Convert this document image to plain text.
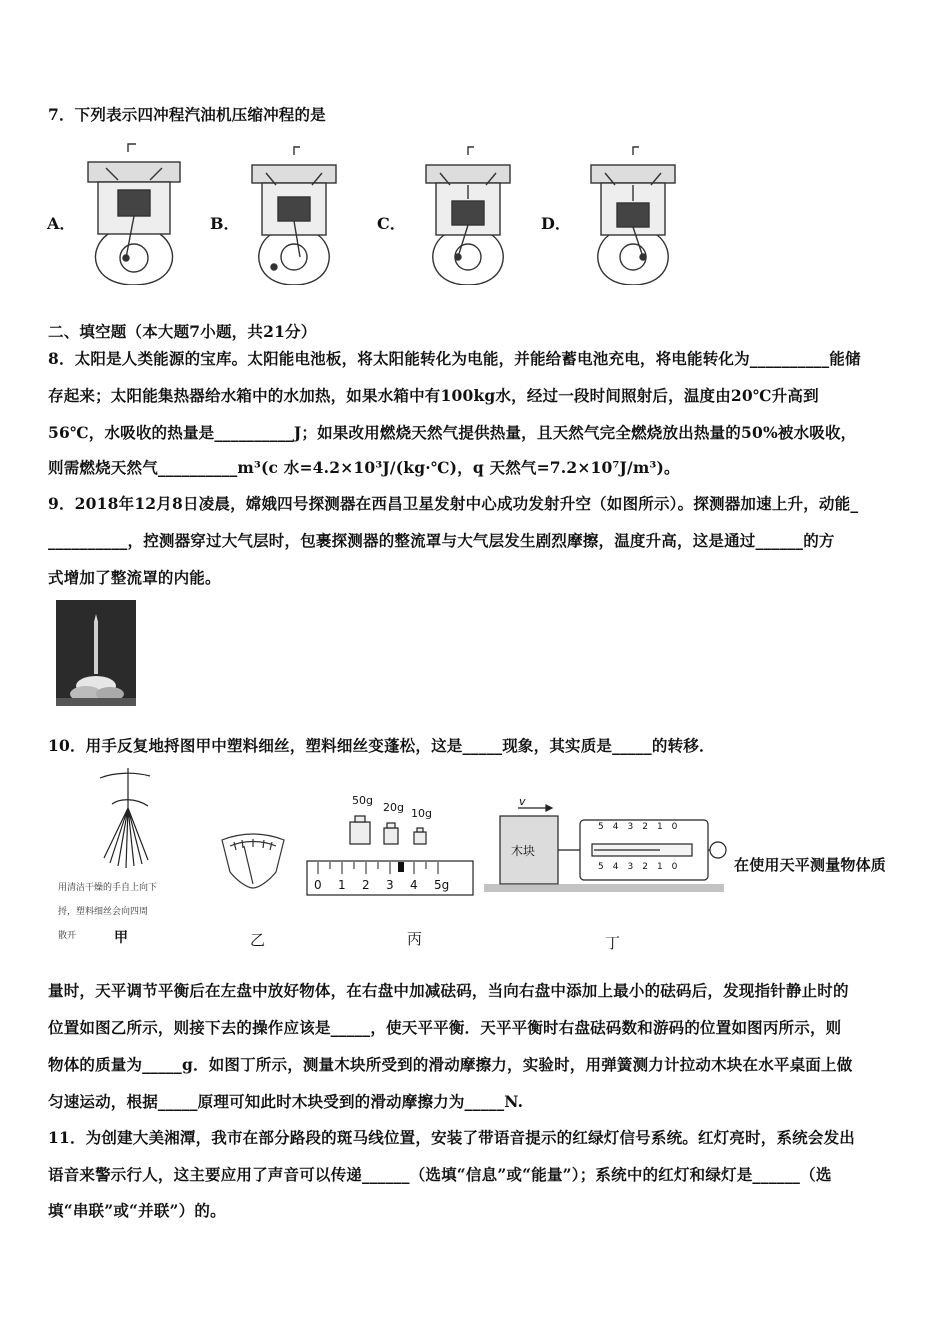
7．下列表示四冲程汽油机压缩冲程的是
A．	B．	C．	D．
二、填空题（本大题7小题，共21分）
8．太阳是人类能源的宝库。太阳能电池板，将太阳能转化为电能，并能给蓄电池充电，将电能转化为__________能储
存起来；太阳能集热器给水箱中的水加热，如果水箱中有100kg水，经过一段时间照射后，温度由20℃升高到
56℃，水吸收的热量是__________J；如果改用燃烧天然气提供热量，且天然气完全燃烧放出热量的50%被水吸收，
则需燃烧天然气__________m³(c 水=4.2×10³J/(kg·℃)，q 天然气=7.2×10⁷J/m³)。
9．2018年12月8日凌晨，嫦娥四号探测器在西昌卫星发射中心成功发射升空（如图所示）。探测器加速上升，动能_
__________，控测器穿过大气层时，包裹探测器的整流罩与大气层发生剧烈摩擦，温度升高，这是通过______的方
式增加了整流罩的内能。
10．用手反复地捋图甲中塑料细丝，塑料细丝变蓬松，这是_____现象，其实质是_____的转移．
用清洁干燥的手自上向下
捋，塑料细丝会向四周
散开	甲	乙
50g
20g 10g
0 1 2 3 4 5g
丙
v
木块
543210
543210
丁
在使用天平测量物体质
量时，天平调节平衡后在左盘中放好物体，在右盘中加减砝码，当向右盘中添加上最小的砝码后，发现指针静止时的
位置如图乙所示，则接下去的操作应该是_____，使天平平衡．天平平衡时右盘砝码数和游码的位置如图丙所示，则
物体的质量为_____g．如图丁所示，测量木块所受到的滑动摩擦力，实验时，用弹簧测力计拉动木块在水平桌面上做
匀速运动，根据_____原理可知此时木块受到的滑动摩擦力为_____N.
11．为创建大美湘潭，我市在部分路段的斑马线位置，安装了带语音提示的红绿灯信号系统。红灯亮时，系统会发出
语音来警示行人，这主要应用了声音可以传递______（选填“信息”或“能量”）；系统中的红灯和绿灯是______（选
填“串联”或“并联”）的。
